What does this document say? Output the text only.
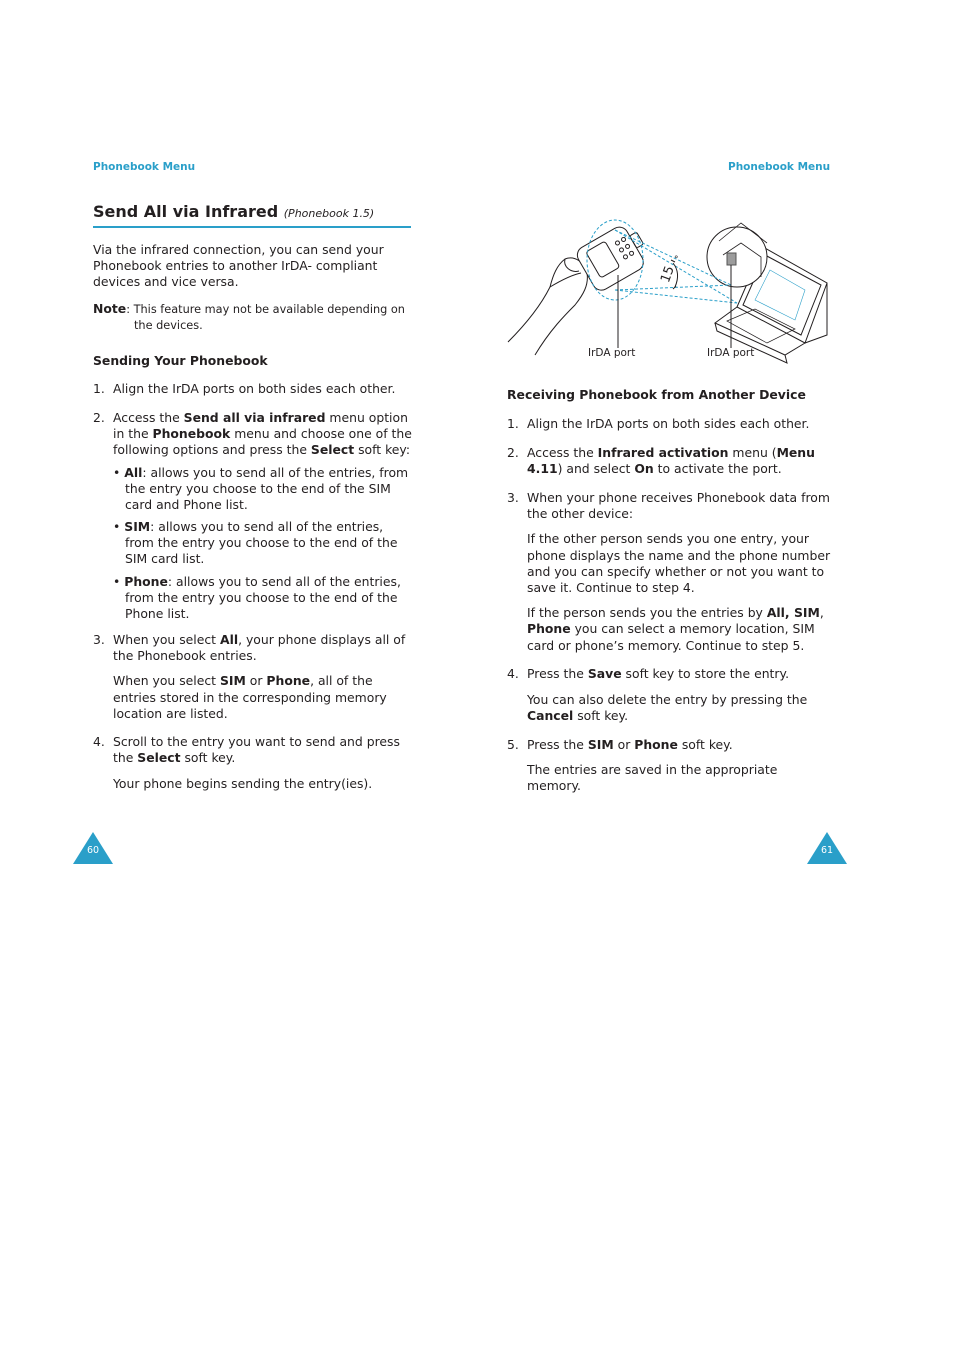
Phonebook Menu	Phonebook Menu
Send All via Infrared (Phonebook 1.5)
Via the infrared connection, you can send your
Phonebook entries to another IrDA- compliant
devices and vice versa.
Note: This feature may not be available depending on
the devices.
Sending Your Phonebook
1. Align the IrDA ports on both sides each other.
2. Access the Send all via infrared menu option
in the Phonebook menu and choose one of the
following options and press the Select soft key:
• All: allows you to send all of the entries, from
the entry you choose to the end of the SIM
card and Phone list.
• SIM: allows you to send all of the entries,
from the entry you choose to the end of the
SIM card list.
• Phone: allows you to send all of the entries,
from the entry you choose to the end of the
Phone list.
3. When you select All, your phone displays all of
the Phonebook entries.
When you select SIM or Phone, all of the
entries stored in the corresponding memory
location are listed.
4. Scroll to the entry you want to send and press
the Select soft key.
Your phone begins sending the entry(ies).
60
15
°
IrDA port	IrDA port
Receiving Phonebook from Another Device
1. Align the IrDA ports on both sides each other.
2. Access the Infrared activation menu (Menu
4.11) and select On to activate the port.
3. When your phone receives Phonebook data from
the other device:
If the other person sends you one entry, your
phone displays the name and the phone number
and you can specify whether or not you want to
save it. Continue to step 4.
If the person sends you the entries by All, SIM,
Phone you can select a memory location, SIM
card or phone’s memory. Continue to step 5.
4. Press the Save soft key to store the entry.
You can also delete the entry by pressing the
Cancel soft key.
5. Press the SIM or Phone soft key.
The entries are saved in the appropriate
memory.
61
